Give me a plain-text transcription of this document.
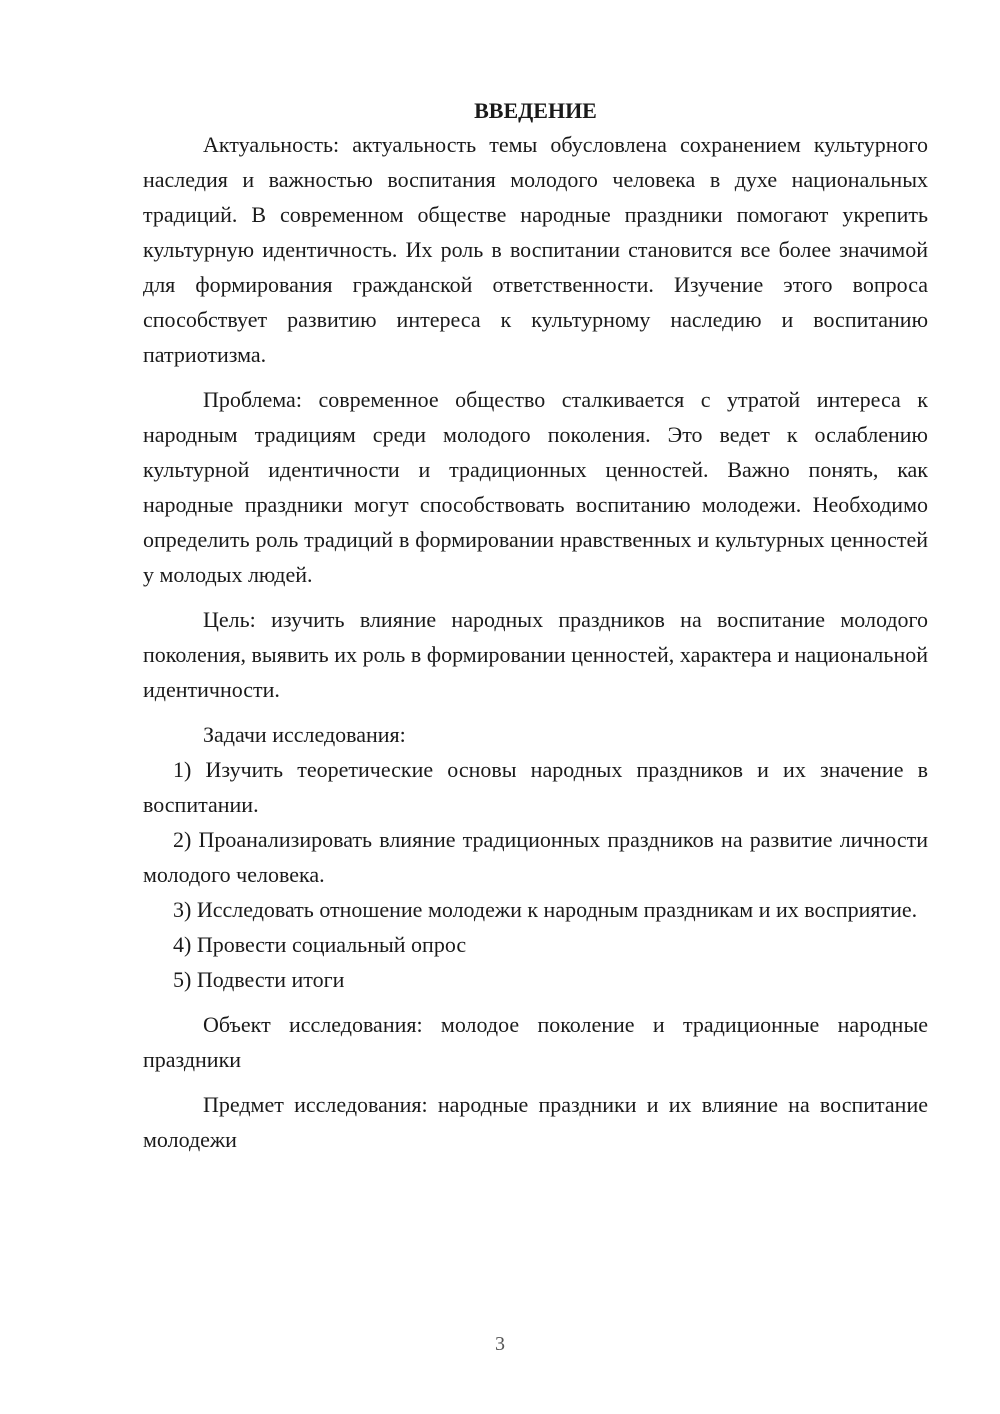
ВВЕДЕНИЕ

Актуальность: актуальность темы обусловлена сохранением культурного наследия и важностью воспитания молодого человека в духе национальных традиций. В современном обществе народные праздники помогают укрепить культурную идентичность. Их роль в воспитании становится все более значимой для формирования гражданской ответственности. Изучение этого вопроса способствует развитию интереса к культурному наследию и воспитанию патриотизма.

Проблема: современное общество сталкивается с утратой интереса к народным традициям среди молодого поколения. Это ведет к ослаблению культурной идентичности и традиционных ценностей. Важно понять, как народные праздники могут способствовать воспитанию молодежи. Необходимо определить роль традиций в формировании нравственных и культурных ценностей у молодых людей.

Цель: изучить влияние народных праздников на воспитание молодого поколения, выявить их роль в формировании ценностей, характера и национальной идентичности.

Задачи исследования:

1) Изучить теоретические основы народных праздников и их значение в воспитании.

2) Проанализировать влияние традиционных праздников на развитие личности молодого человека.

3) Исследовать отношение молодежи к народным праздникам и их восприятие.

4) Провести социальный опрос

5) Подвести итоги

Объект исследования: молодое поколение и традиционные народные праздники

Предмет исследования: народные праздники и их влияние на воспитание молодежи

3
